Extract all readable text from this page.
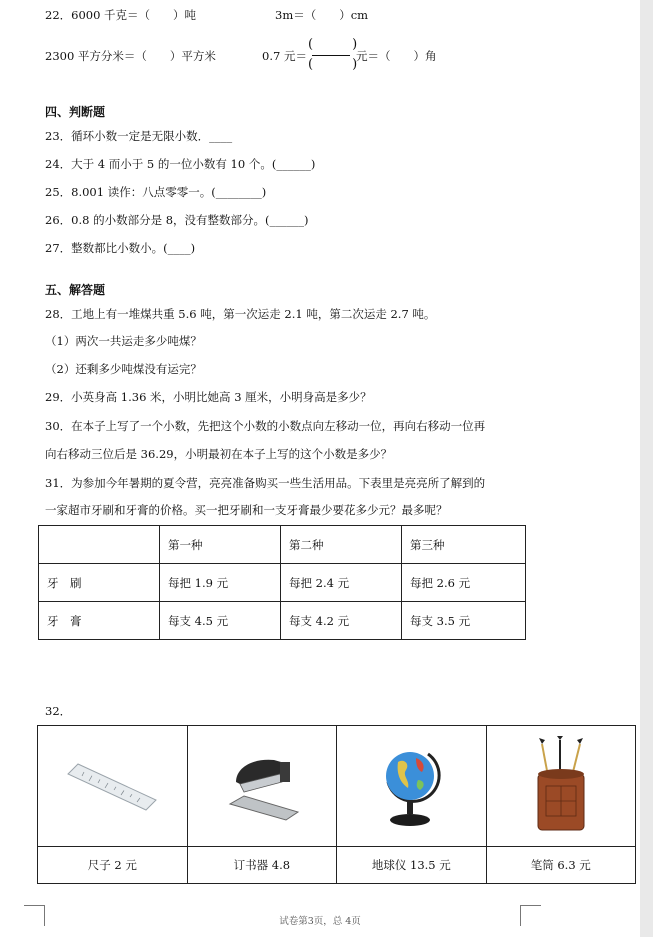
22．6000 千克＝（　　）吨	3m＝（　　）cm
2300 平方分米＝（　　）平方米	0.7 元＝
(　　　)
(　　　)
元＝（　　）角
四、判断题
23．循环小数一定是无限小数．____
24．大于 4 而小于 5 的一位小数有 10 个。(______)
25．8.001 读作：八点零零一。(________)
26．0.8 的小数部分是 8，没有整数部分。(______)
27．整数都比小数小。(____)
五、解答题
28．工地上有一堆煤共重 5.6 吨，第一次运走 2.1 吨，第二次运走 2.7 吨。
（1）两次一共运走多少吨煤？
（2）还剩多少吨煤没有运完？
29．小英身高 1.36 米，小明比她高 3 厘米，小明身高是多少？
30．在本子上写了一个小数，先把这个小数的小数点向左移动一位，再向右移动一位再
向右移动三位后是 36.29，小明最初在本子上写的这个小数是多少？
31．为参加今年暑期的夏令营，亮亮准备购买一些生活用品。下表里是亮亮所了解到的
一家超市牙刷和牙膏的价格。买一把牙刷和一支牙膏最少要花多少元？最多呢？
	第一种	第二种	第三种
牙　刷	每把 1.9 元	每把 2.4 元	每把 2.6 元
牙　膏	每支 4.5 元	每支 4.2 元	每支 3.5 元
32．

尺子 2 元	订书器 4.8	地球仪 13.5 元	笔筒 6.3 元
试卷第3页，总 4页
